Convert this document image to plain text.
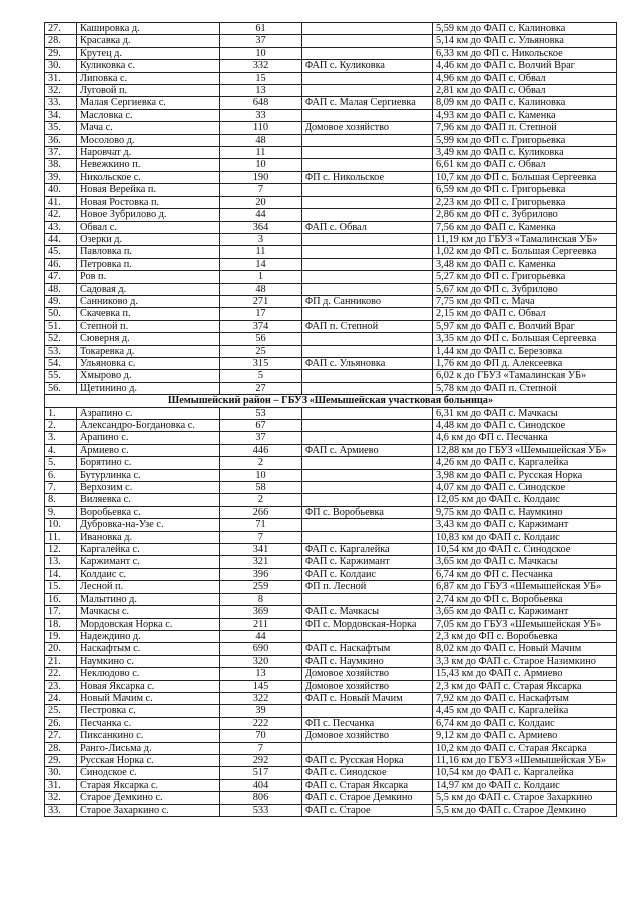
27.	Кашировка д.	61		5,59 км до ФАП с. Калиновка
28.	Красавка д.	37		5,14 км до ФАП с. Ульяновка
29.	Крутец д.	10		6,33 км до ФП с. Никольское
30.	Куликовка с.	332	ФАП с. Куликовка	4,46 км до ФАП с. Волчий Враг
31.	Липовка с.	15		4,96 км до ФАП с. Обвал
32.	Луговой п.	13		2,81 км до ФАП с. Обвал
33.	Малая Сергиевка с.	648	ФАП с. Малая Сергиевка	8,09 км до ФАП с. Калиновка
34.	Масловка с.	33		4,93 км до ФАП с. Каменка
35.	Мача с.	110	Домовое хозяйство	7,96 км до ФАП п. Степной
36.	Мосолово д.	48		5,99 км до ФП с. Григорьевка
37.	Наровчат д.	11		3,49 км до ФАП с. Куликовка
38.	Невежкино п.	10		6,61 км до ФАП с. Обвал
39.	Никольское с.	190	ФП с. Никольское	10,7 км до ФП с. Большая Сергеевка
40.	Новая Верейка п.	7		6,59 км до ФП с. Григорьевка
41.	Новая Ростовка п.	20		2,23 км до ФП с. Григорьевка
42.	Новое Зубрилово д.	44		2,86 км до ФП с. Зубрилово
43.	Обвал с.	364	ФАП с. Обвал	7,56 км до ФАП с. Каменка
44.	Озерки д.	3		11,19 км до ГБУЗ «Тамалинская УБ»
45.	Павловка п.	11		1,02 км до ФП с. Большая Сергеевка
46.	Петровка п.	14		3,48 км до ФАП с. Каменка
47.	Ров п.	1		5,27 км до ФП с. Григорьевка
48.	Садовая д.	48		5,67 км до ФП с. Зубрилово
49.	Санниково д.	271	ФП д. Санниково	7,75 км до ФП с. Мача
50.	Скачевка п.	17		2,15 км до ФАП с. Обвал
51.	Степной п.	374	ФАП п. Степной	5,97 км до ФАП с. Волчий Враг
52.	Сюверня д.	56		3,35 км до ФП с. Большая Сергеевка
53.	Токаревка д.	25		1,44 км до ФАП с. Березовка
54.	Ульяновка с.	315	ФАП с. Ульяновка	1,76 км до ФП д. Алексеевка
55.	Хмырово д.	5		6,02 к до ГБУЗ «Тамалинская УБ»
56.	Щетинино д.	27		5,78 км до ФАП п. Степной
Шемышейский район – ГБУЗ «Шемышейская участковая больница»				
1.	Азрапино с.	53		6,31 км до ФАП с. Мачкасы
2.	Александро-Богдановка с.	67		4,48 км до ФАП с. Синодское
3.	Арапино с.	37		4,6 км до ФП с. Песчанка
4.	Армиево с.	446	ФАП с. Армиево	12,88 км до ГБУЗ «Шемышейская УБ»
5.	Борятино с.	2		4,26 км до ФАП с. Каргалейка
6.	Бутурлинка с.	10		3,98 км до ФАП с. Русская Норка
7.	Верхозим с.	58		4,07 км до ФАП с. Синодское
8.	Виляевка с.	2		12,05 км до ФАП с. Колдаис
9.	Воробьевка с.	266	ФП с. Воробьевка	9,75 км до ФАП с. Наумкино
10.	Дубровка-на-Узе с.	71		3,43 км до ФАП с. Каржимант
11.	Ивановка д.	7		10,83 км до ФАП с. Колдаис
12.	Каргалейка с.	341	ФАП с. Каргалейка	10,54 км до ФАП с. Синодское
13.	Каржимант с.	321	ФАП с. Каржимант	3,65 км до ФАП с. Мачкасы
14.	Колдаис с.	396	ФАП с. Колдаис	6,74 км до ФП с. Песчанка
15.	Лесной п.	259	ФП п. Лесной	6,87 км до ГБУЗ «Шемышейская УБ»
16.	Малытино д.	8		2,74 км до ФП с. Воробьевка
17.	Мачкасы с.	369	ФАП с. Мачкасы	3,65 км до ФАП с. Каржимант
18.	Мордовская Норка с.	211	ФП с. Мордовская-Норка	7,05 км до ГБУЗ «Шемышейская УБ»
19.	Надеждино д.	44		2,3 км до ФП с. Воробьевка
20.	Наскафтым с.	690	ФАП с. Наскафтым	8,02 км до ФАП с. Новый Мачим
21.	Наумкино с.	320	ФАП с. Наумкино	3,3 км до ФАП с. Старое Назимкино
22.	Неклюдово с.	13	Домовое хозяйство	15,43 км до ФАП с. Армиево
23.	Новая Яксарка с.	145	Домовое хозяйство	2,3 км до ФАП с. Старая Яксарка
24.	Новый Мачим с.	322	ФАП с. Новый Мачим	7,92 км до ФАП с. Наскафтым
25.	Пестровка с.	39		4,45 км до ФАП с. Каргалейка
26.	Песчанка с.	222	ФП с. Песчанка	6,74 км до ФАП с. Колдаис
27.	Пиксанкино с.	70	Домовое хозяйство	9,12 км до ФАП с. Армиево
28.	Ранго-Лисьма д.	7		10,2 км до ФАП с. Старая Яксарка
29.	Русская Норка с.	292	ФАП с. Русская Норка	11,16 км до ГБУЗ «Шемышейская УБ»
30.	Синодское с.	517	ФАП с. Синодское	10,54 км до ФАП с. Каргалейка
31.	Старая Яксарка с.	404	ФАП с. Старая Яксарка	14,97 км до ФАП с. Колдаис
32.	Старое Демкино с.	806	ФАП с. Старое Демкино	5,5 км до ФАП с. Старое Захаркино
33.	Старое Захаркино с.	533	ФАП с. Старое	5,5 км до ФАП с. Старое Демкино
